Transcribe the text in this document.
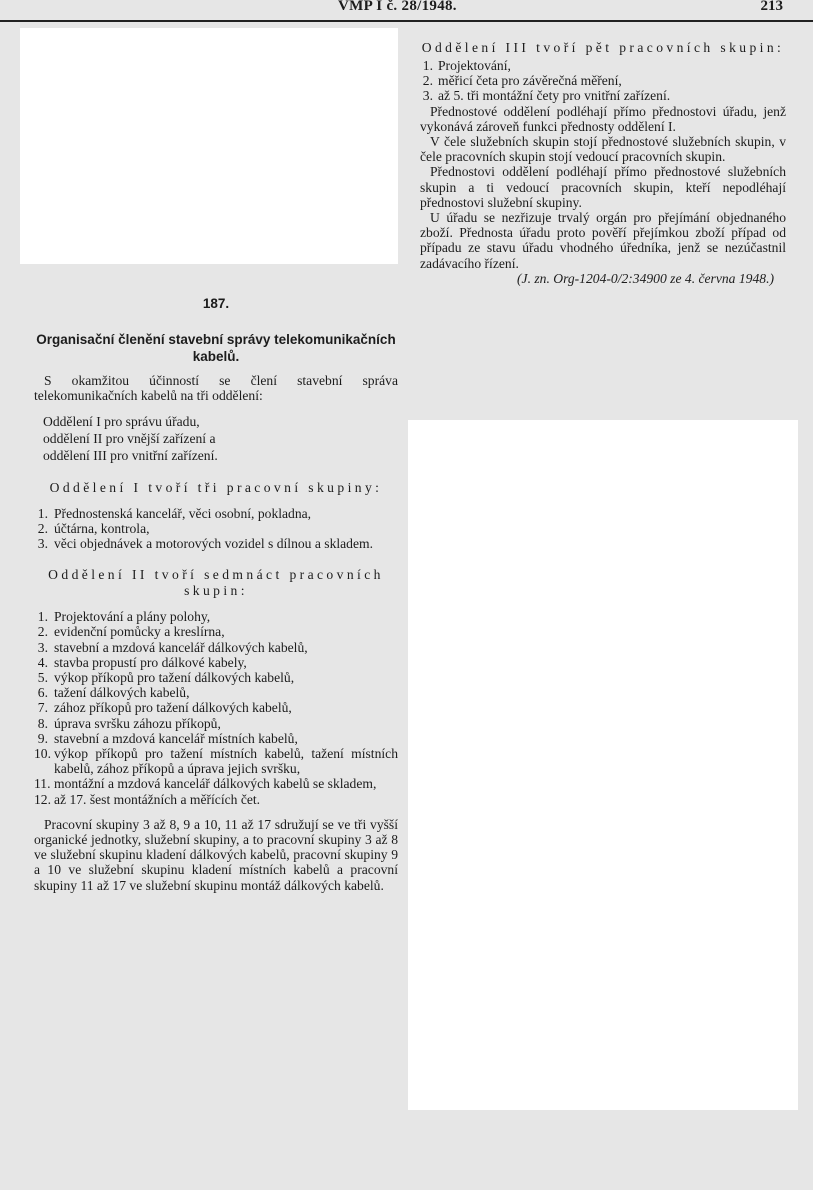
VMP I č. 28/1948.	213
187.
Organisační členění stavební správy telekomunikačních kabelů.

S okamžitou účinností se člení stavební správa telekomunikačních kabelů na tři oddělení:

Oddělení I pro správu úřadu,
oddělení II pro vnější zařízení a
oddělení III pro vnitřní zařízení.
Oddělení I tvoří tři pracovní skupiny:
1. Přednostenská kancelář, věci osobní, pokladna,
2. účtárna, kontrola,
3. věci objednávek a motorových vozidel s dílnou a skladem.
Oddělení II tvoří sedmnáct pracovních skupin:
1. Projektování a plány polohy,
2. evidenční pomůcky a kreslírna,
3. stavební a mzdová kancelář dálkových kabelů,
4. stavba propustí pro dálkové kabely,
5. výkop příkopů pro tažení dálkových kabelů,
6. tažení dálkových kabelů,
7. zához příkopů pro tažení dálkových kabelů,
8. úprava svršku záhozu příkopů,
9. stavební a mzdová kancelář místních kabelů,
10. výkop příkopů pro tažení místních kabelů, tažení místních kabelů, zához příkopů a úprava jejich svršku,
11. montážní a mzdová kancelář dálkových kabelů se skladem,
12. až 17. šest montážních a měřících čet.

Pracovní skupiny 3 až 8, 9 a 10, 11 až 17 sdružují se ve tři vyšší organické jednotky, služební skupiny, a to pracovní skupiny 3 až 8 ve služební skupinu kladení dálkových kabelů, pracovní skupiny 9 a 10 ve služební skupinu kladení místních kabelů a pracovní skupiny 11 až 17 ve služební skupinu montáž dálkových kabelů.

Oddělení III tvoří pět pracovních skupin:
1. Projektování,
2. měřicí četa pro závěrečná měření,
3. až 5. tři montážní čety pro vnitřní zařízení.

Přednostové oddělení podléhají přímo přednostovi úřadu, jenž vykonává zároveň funkci přednosty oddělení I.

V čele služebních skupin stojí přednostové služebních skupin, v čele pracovních skupin stojí vedoucí pracovních skupin.

Přednostovi oddělení podléhají přímo přednostové služebních skupin a ti vedoucí pracovních skupin, kteří nepodléhají přednostovi služební skupiny.

U úřadu se nezřizuje trvalý orgán pro přejímání objednaného zboží. Přednosta úřadu proto pověří přejímkou zboží případ od případu ze stavu úřadu vhodného úředníka, jenž se nezúčastnil zadávacího řízení.

(J. zn. Org-1204-0/2:34900 ze 4. června 1948.)
